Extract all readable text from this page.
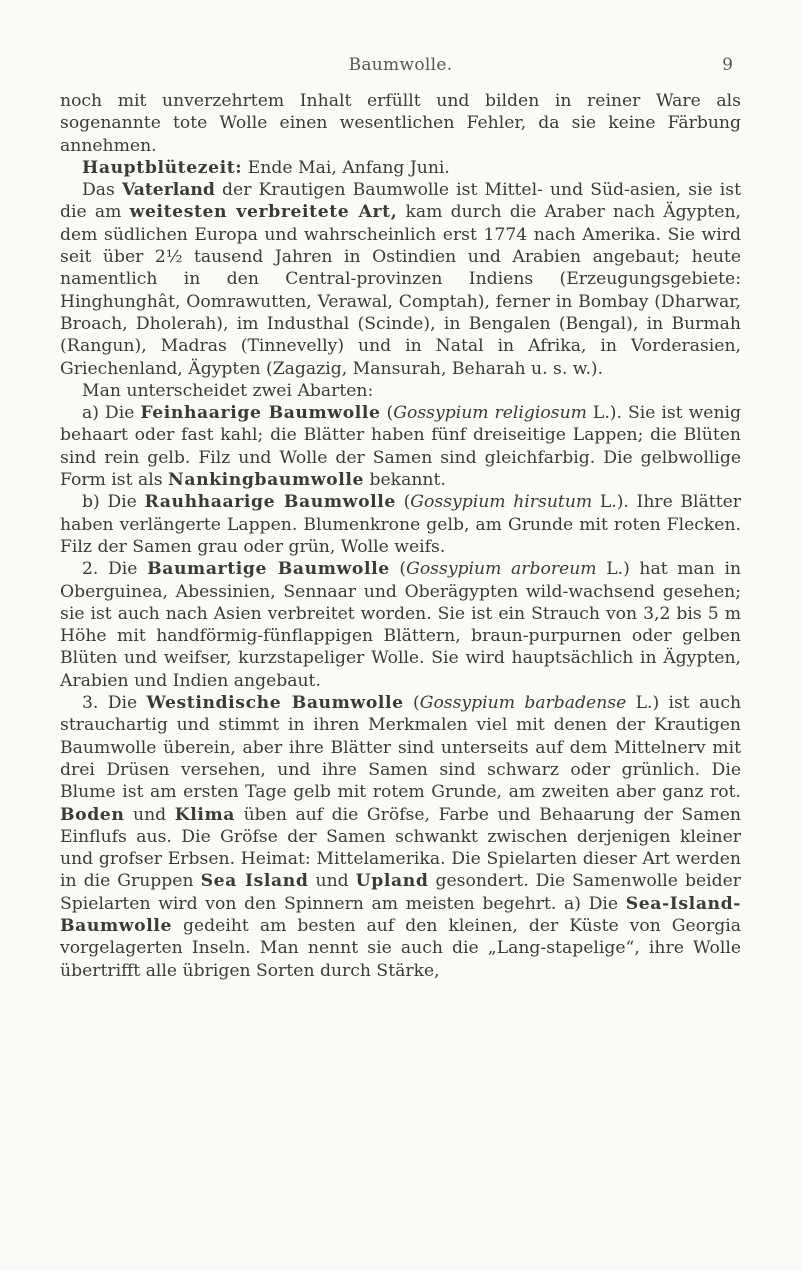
Baumwolle.	9

noch mit unverzehrtem Inhalt erfüllt und bilden in reiner Ware als sogenannte tote Wolle einen wesentlichen Fehler, da sie keine Färbung annehmen.

Hauptblütezeit: Ende Mai, Anfang Juni.

Das Vaterland der Krautigen Baumwolle ist Mittel- und Süd-asien, sie ist die am weitesten verbreitete Art, kam durch die Araber nach Ägypten, dem südlichen Europa und wahrscheinlich erst 1774 nach Amerika. Sie wird seit über 2½ tausend Jahren in Ostindien und Arabien angebaut; heute namentlich in den Central-provinzen Indiens (Erzeugungsgebiete: Hinghunghât, Oomrawutten, Verawal, Comptah), ferner in Bombay (Dharwar, Broach, Dholerah), im Industhal (Scinde), in Bengalen (Bengal), in Burmah (Rangun), Madras (Tinnevelly) und in Natal in Afrika, in Vorderasien, Griechenland, Ägypten (Zagazig, Mansurah, Beharah u. s. w.).

Man unterscheidet zwei Abarten:

a) Die Feinhaarige Baumwolle (Gossypium religiosum L.). Sie ist wenig behaart oder fast kahl; die Blätter haben fünf dreiseitige Lappen; die Blüten sind rein gelb. Filz und Wolle der Samen sind gleichfarbig. Die gelbwollige Form ist als Nankingbaumwolle bekannt.

b) Die Rauhhaarige Baumwolle (Gossypium hirsutum L.). Ihre Blätter haben verlängerte Lappen. Blumenkrone gelb, am Grunde mit roten Flecken. Filz der Samen grau oder grün, Wolle weifs.

2. Die Baumartige Baumwolle (Gossypium arboreum L.) hat man in Oberguinea, Abessinien, Sennaar und Oberägypten wild-wachsend gesehen; sie ist auch nach Asien verbreitet worden. Sie ist ein Strauch von 3,2 bis 5 m Höhe mit handförmig-fünflappigen Blättern, braun-purpurnen oder gelben Blüten und weifser, kurzstapeliger Wolle. Sie wird hauptsächlich in Ägypten, Arabien und Indien angebaut.

3. Die Westindische Baumwolle (Gossypium barbadense L.) ist auch strauchartig und stimmt in ihren Merkmalen viel mit denen der Krautigen Baumwolle überein, aber ihre Blätter sind unterseits auf dem Mittelnerv mit drei Drüsen versehen, und ihre Samen sind schwarz oder grünlich. Die Blume ist am ersten Tage gelb mit rotem Grunde, am zweiten aber ganz rot. Boden und Klima üben auf die Gröfse, Farbe und Behaarung der Samen Einflufs aus. Die Gröfse der Samen schwankt zwischen derjenigen kleiner und grofser Erbsen. Heimat: Mittelamerika. Die Spielarten dieser Art werden in die Gruppen Sea Island und Upland gesondert. Die Samenwolle beider Spielarten wird von den Spinnern am meisten begehrt. a) Die Sea-Island-Baumwolle gedeiht am besten auf den kleinen, der Küste von Georgia vorgelagerten Inseln. Man nennt sie auch die „Lang-stapelige“, ihre Wolle übertrifft alle übrigen Sorten durch Stärke,
